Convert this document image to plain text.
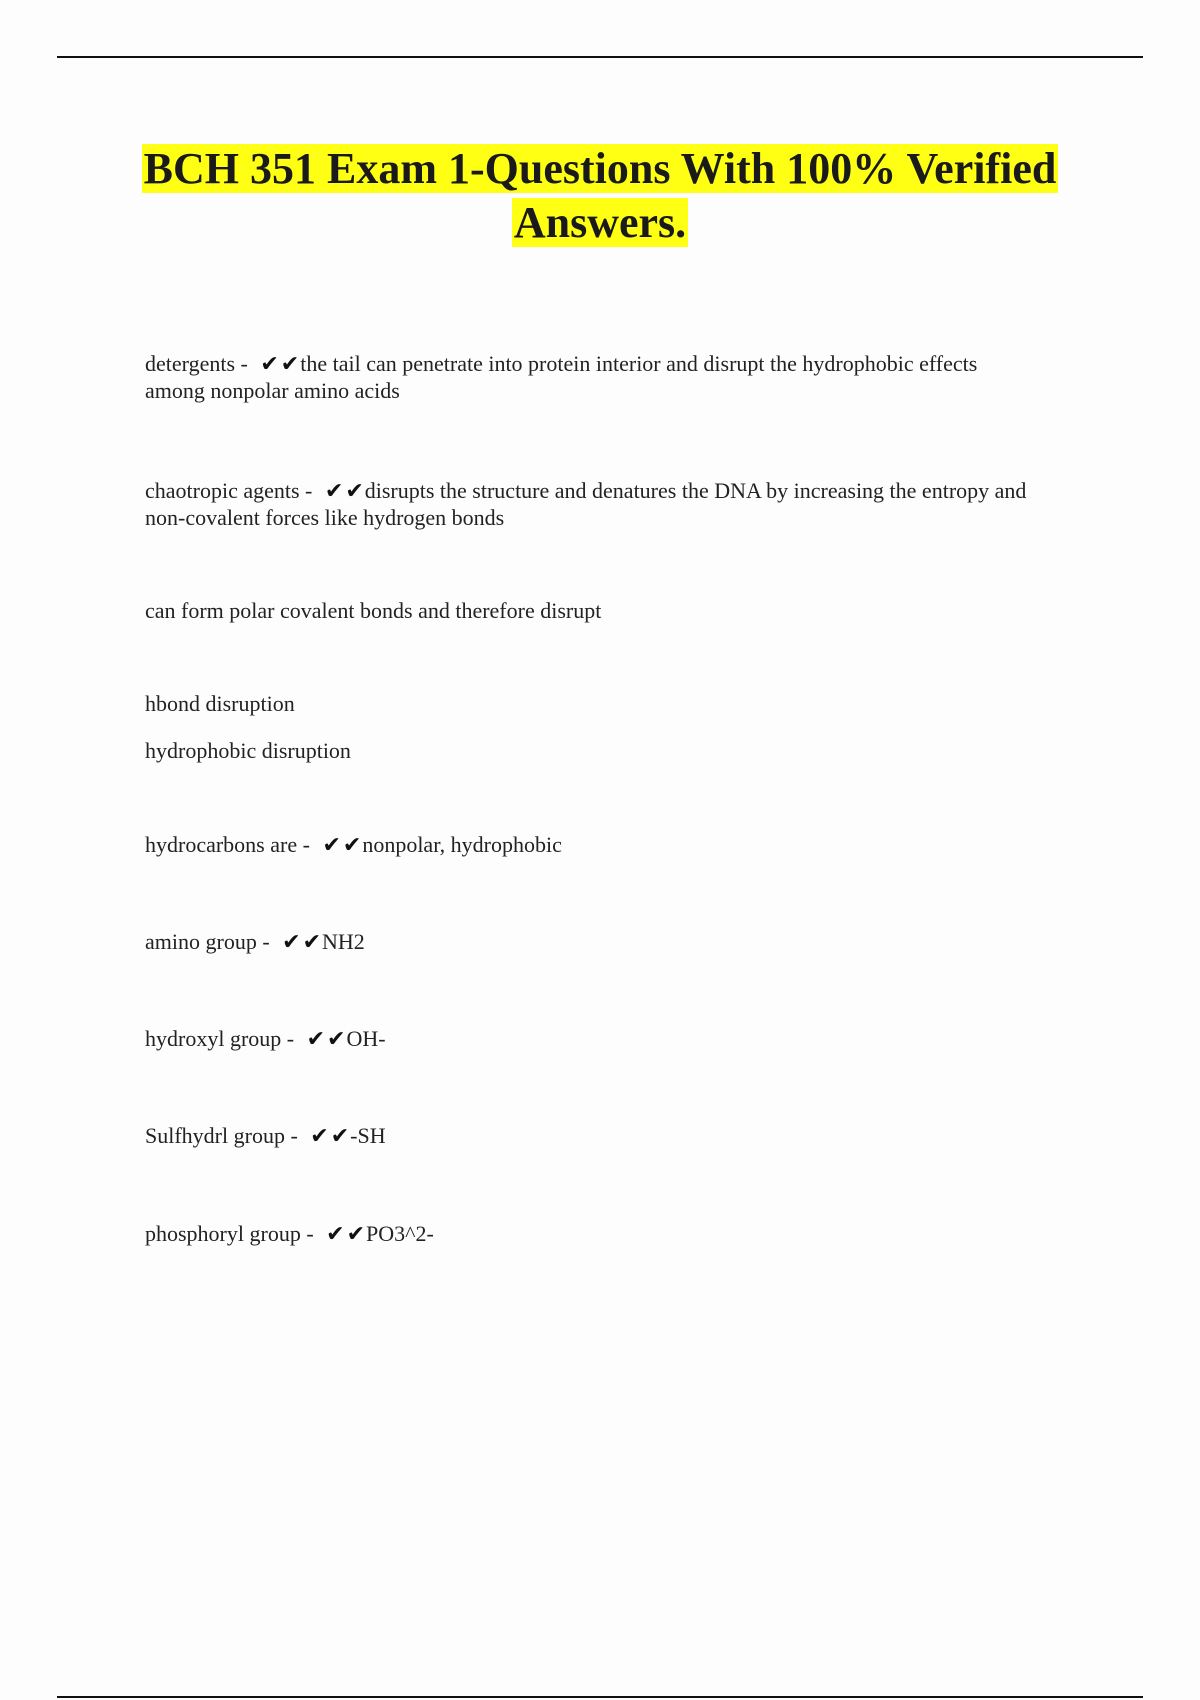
BCH 351 Exam 1-Questions With 100% Verified
Answers.
detergents - ✔✔the tail can penetrate into protein interior and disrupt the hydrophobic effects among nonpolar amino acids
chaotropic agents - ✔✔disrupts the structure and denatures the DNA by increasing the entropy and non-covalent forces like hydrogen bonds
can form polar covalent bonds and therefore disrupt
hbond disruption
hydrophobic disruption
hydrocarbons are - ✔✔nonpolar, hydrophobic
amino group - ✔✔NH2
hydroxyl group - ✔✔OH-
Sulfhydrl group - ✔✔-SH
phosphoryl group - ✔✔PO3^2-
